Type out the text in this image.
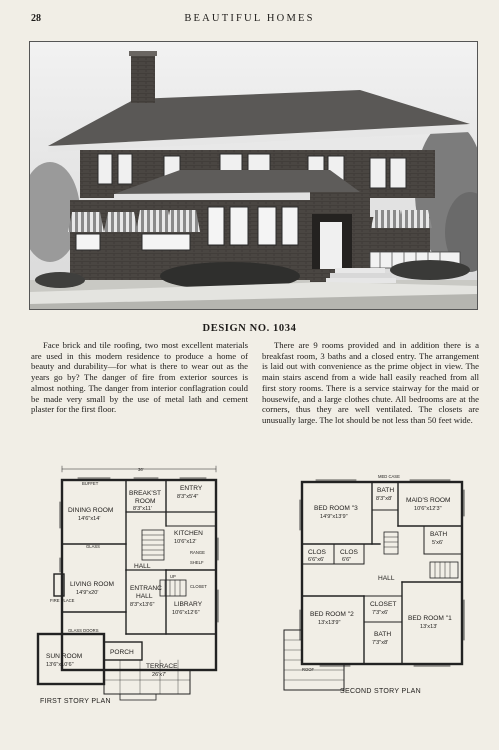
28	BEAUTIFUL HOMES
DESIGN NO. 1034

Face brick and tile roofing, two most excellent materials are used in this modern residence to produce a home of beauty and durability—for what is there to wear out as the years go by? The danger of fire from exterior sources is almost nothing. The danger from interior conflagration could be made very small by the use of metal lath and cement plaster for the first floor.

There are 9 rooms provided and in addition there is a breakfast room, 3 baths and a closed entry. The arrangement is laid out with convenience as the prime object in view. The main stairs ascend from a wide hall easily reached from all first story rooms. There is a service stairway for the maid or housewife, and a large clothes chute. All bedrooms are at the corners, thus they are well ventilated. The closets are unusually large. The lot should be not less than 50 feet wide.

36'
BUFFET
DINING ROOM
14'6"x14'
GLASS
BREAK'ST
ROOM
8'3"x11'
ENTRY
8'3"x5'4"
KITCHEN
10'6"x12'
RANGE
SHELF
HALL
LIVING ROOM
14'9"x20'
FIRE PLACE
ENTRANC
HALL
8'3"x13'6"
CLOSET
UP
LIBRARY
10'6"x12'6"
GLASS DOORS
PORCH
SUN ROOM
13'6"x10'6"	TERRACE
26'x7'
FIRST STORY PLAN
MED CASE
BED ROOM "3
14'9"x13'9"
BATH
8'3"x8' MAID'S ROOM
10'6"x12'3"
CLOS
6'6"x6'
CLOS
6'6"
BATH
5'x6'
HALL
BED ROOM "2
13'x13'9"
CLOSET
7'3"x6'
BED ROOM "1
13'x13'
BATH
7'3"x8'
ROOF
SECOND STORY PLAN
